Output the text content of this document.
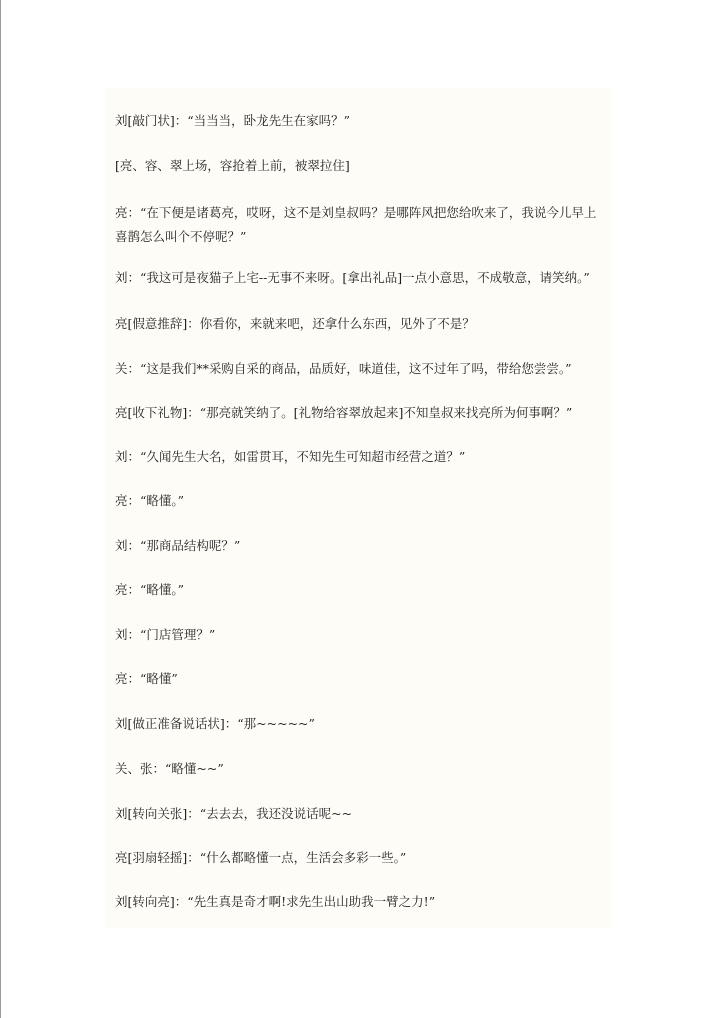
刘[敲门状]：“当当当，卧龙先生在家吗？”
[亮、容、翠上场，容抢着上前，被翠拉住]
亮：“在下便是诸葛亮，哎呀，这不是刘皇叔吗？是哪阵风把您给吹来了，我说今儿早上喜鹊怎么叫个不停呢？”
刘：“我这可是夜猫子上宅--无事不来呀。[拿出礼品]一点小意思，不成敬意，请笑纳。”
亮[假意推辞]：你看你，来就来吧，还拿什么东西，见外了不是？
关：“这是我们**采购自采的商品，品质好，味道佳，这不过年了吗，带给您尝尝。”
亮[收下礼物]：“那亮就笑纳了。[礼物给容翠放起来]不知皇叔来找亮所为何事啊？”
刘：“久闻先生大名，如雷贯耳，不知先生可知超市经营之道？”
亮：“略懂。”
刘：“那商品结构呢？”
亮：“略懂。”
刘：“门店管理？”
亮：“略懂”
刘[做正准备说话状]：“那~~~~~”
关、张：“略懂~~”
刘[转向关张]：“去去去，我还没说话呢~~
亮[羽扇轻摇]：“什么都略懂一点，生活会多彩一些。”
刘[转向亮]：“先生真是奇才啊!求先生出山助我一臂之力!”
